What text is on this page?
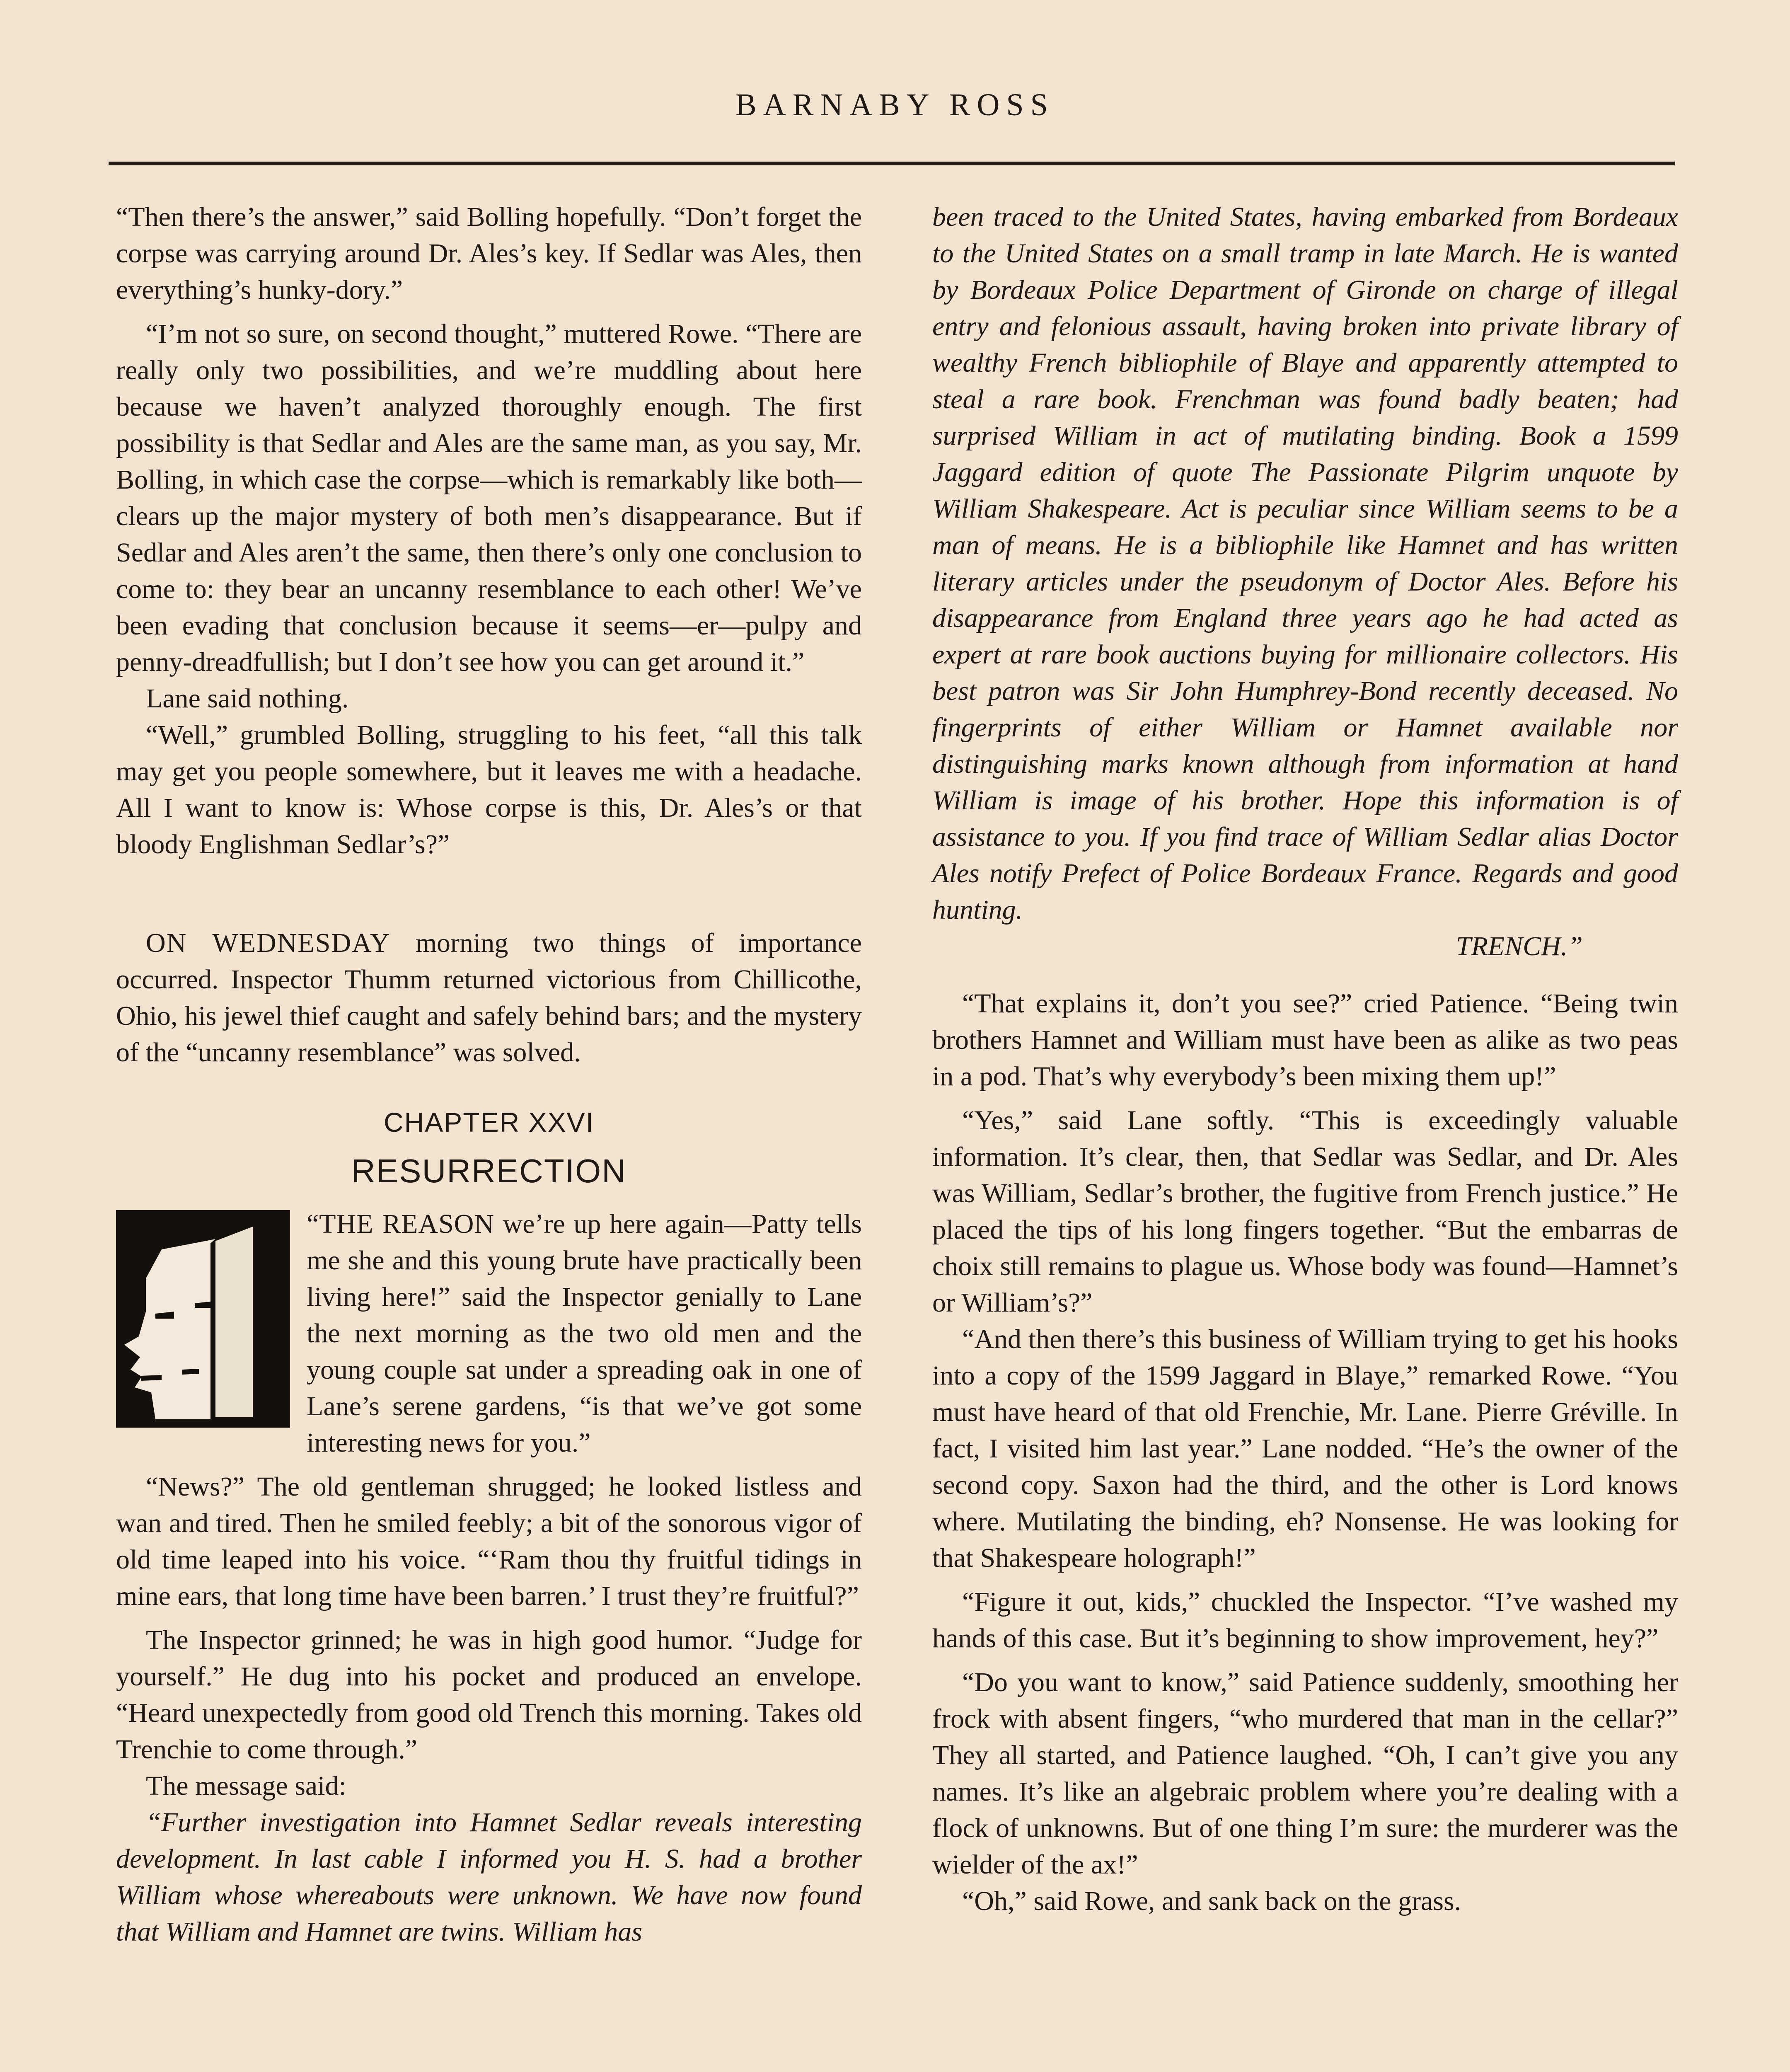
BARNABY ROSS

“Then there’s the answer,” said Bolling hopefully. “Don’t forget the corpse was carrying around Dr. Ales’s key. If Sedlar was Ales, then everything’s hunky-dory.”

“I’m not so sure, on second thought,” muttered Rowe. “There are really only two possibilities, and we’re muddling about here because we haven’t analyzed thoroughly enough. The first possibility is that Sedlar and Ales are the same man, as you say, Mr. Bolling, in which case the corpse—which is remarkably like both—clears up the major mystery of both men’s disappearance. But if Sedlar and Ales aren’t the same, then there’s only one conclusion to come to: they bear an uncanny resemblance to each other! We’ve been evading that conclusion because it seems—er—pulpy and penny-dreadfullish; but I don’t see how you can get around it.”

Lane said nothing.

“Well,” grumbled Bolling, struggling to his feet, “all this talk may get you people somewhere, but it leaves me with a headache. All I want to know is: Whose corpse is this, Dr. Ales’s or that bloody Englishman Sedlar’s?”

ON WEDNESDAY morning two things of importance occurred. Inspector Thumm returned victorious from Chillicothe, Ohio, his jewel thief caught and safely behind bars; and the mystery of the “uncanny resemblance” was solved.

CHAPTER XXVI
RESURRECTION

“THE REASON we’re up here again—Patty tells me she and this young brute have practically been living here!” said the Inspector genially to Lane the next morning as the two old men and the young couple sat under a spreading oak in one of Lane’s serene gardens, “is that we’ve got some interesting news for you.”

“News?” The old gentleman shrugged; he looked listless and wan and tired. Then he smiled feebly; a bit of the sonorous vigor of old time leaped into his voice. “‘Ram thou thy fruitful tidings in mine ears, that long time have been barren.’ I trust they’re fruitful?”

The Inspector grinned; he was in high good humor. “Judge for yourself.” He dug into his pocket and produced an envelope. “Heard unexpectedly from good old Trench this morning. Takes old Trenchie to come through.”

The message said:

“Further investigation into Hamnet Sedlar reveals interesting development. In last cable I informed you H. S. had a brother William whose whereabouts were unknown. We have now found that William and Hamnet are twins. William has

been traced to the United States, having embarked from Bordeaux to the United States on a small tramp in late March. He is wanted by Bordeaux Police Department of Gironde on charge of illegal entry and felonious assault, having broken into private library of wealthy French bibliophile of Blaye and apparently attempted to steal a rare book. Frenchman was found badly beaten; had surprised William in act of mutilating binding. Book a 1599 Jaggard edition of quote The Passionate Pilgrim unquote by William Shakespeare. Act is peculiar since William seems to be a man of means. He is a bibliophile like Hamnet and has written literary articles under the pseudonym of Doctor Ales. Before his disappearance from England three years ago he had acted as expert at rare book auctions buying for millionaire collectors. His best patron was Sir John Humphrey-Bond recently deceased. No fingerprints of either William or Hamnet available nor distinguishing marks known although from information at hand William is image of his brother. Hope this information is of assistance to you. If you find trace of William Sedlar alias Doctor Ales notify Prefect of Police Bordeaux France. Regards and good hunting.

TRENCH.”

“That explains it, don’t you see?” cried Patience. “Being twin brothers Hamnet and William must have been as alike as two peas in a pod. That’s why everybody’s been mixing them up!”

“Yes,” said Lane softly. “This is exceedingly valuable information. It’s clear, then, that Sedlar was Sedlar, and Dr. Ales was William, Sedlar’s brother, the fugitive from French justice.” He placed the tips of his long fingers together. “But the embarras de choix still remains to plague us. Whose body was found—Hamnet’s or William’s?”

“And then there’s this business of William trying to get his hooks into a copy of the 1599 Jaggard in Blaye,” remarked Rowe. “You must have heard of that old Frenchie, Mr. Lane. Pierre Gréville. In fact, I visited him last year.” Lane nodded. “He’s the owner of the second copy. Saxon had the third, and the other is Lord knows where. Mutilating the binding, eh? Nonsense. He was looking for that Shakespeare holograph!”

“Figure it out, kids,” chuckled the Inspector. “I’ve washed my hands of this case. But it’s beginning to show improvement, hey?”

“Do you want to know,” said Patience suddenly, smoothing her frock with absent fingers, “who murdered that man in the cellar?” They all started, and Patience laughed. “Oh, I can’t give you any names. It’s like an algebraic problem where you’re dealing with a flock of unknowns. But of one thing I’m sure: the murderer was the wielder of the ax!”

“Oh,” said Rowe, and sank back on the grass.
